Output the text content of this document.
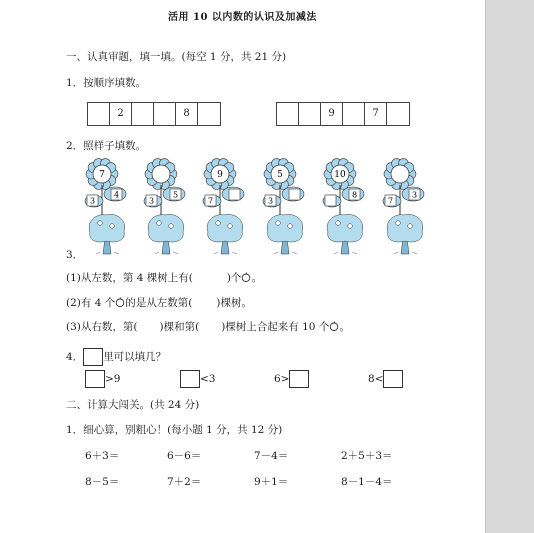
活用 10 以内数的认识及加减法
一、认真审题，填一填。(每空 1 分，共 21 分)
1．按顺序填数。
2	8	9	7
2．照样子填数。
7
3
4
3
5
9
7
5
3
10
8
7
3
3．
(1)从左数，第 4 棵树上有(	)个 。
(2)有 4 个 的是从左数第( )棵树。
(3)从右数，第( )棵和第( )棵树上合起来有 10 个 。
4． 里可以填几？
>9	<3	6>	8<
二、计算大闯关。(共 24 分)
1．细心算，别粗心！(每小题 1 分，共 12 分)
6＋3＝	6－6＝	7－4＝	2＋5＋3＝
8－5＝	7＋2＝	9＋1＝	8－1－4＝
